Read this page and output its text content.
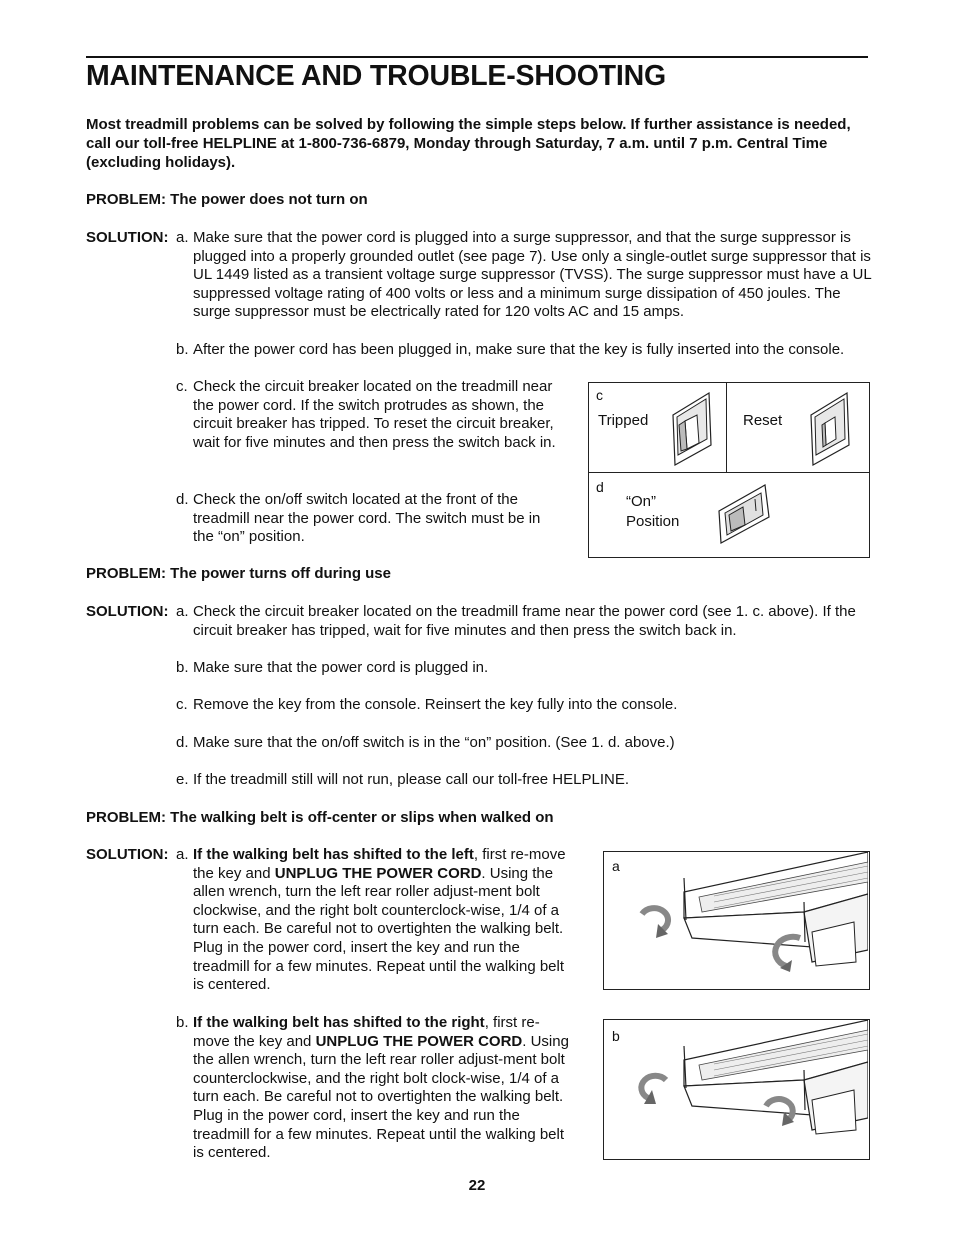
MAINTENANCE AND TROUBLE-SHOOTING
Most treadmill problems can be solved by following the simple steps below. If further assistance is needed, call our toll-free HELPLINE at 1-800-736-6879, Monday through Saturday, 7 a.m. until 7 p.m. Central Time (excluding holidays).
PROBLEM: The power does not turn on
SOLUTION: a. Make sure that the power cord is plugged into a surge suppressor, and that the surge suppressor is plugged into a properly grounded outlet (see page 7). Use only a single-outlet surge suppressor that is UL 1449 listed as a transient voltage surge suppressor (TVSS). The surge suppressor must have a UL suppressed voltage rating of 400 volts or less and a minimum surge dissipation of 450 joules. The surge suppressor must be electrically rated for 120 volts AC and 15 amps.
b. After the power cord has been plugged in, make sure that the key is fully inserted into the console.
c. Check the circuit breaker located on the treadmill near the power cord. If the switch protrudes as shown, the circuit breaker has tripped. To reset the circuit breaker, wait for five minutes and then press the switch back in.
d. Check the on/off switch located at the front of the treadmill near the power cord. The switch must be in the “on” position.
c
Tripped	Reset
d
“On”
Position
PROBLEM: The power turns off during use
SOLUTION: a. Check the circuit breaker located on the treadmill frame near the power cord (see 1. c. above). If the circuit breaker has tripped, wait for five minutes and then press the switch back in.
b. Make sure that the power cord is plugged in.
c. Remove the key from the console. Reinsert the key fully into the console.
d. Make sure that the on/off switch is in the “on” position. (See 1. d. above.)
e. If the treadmill still will not run, please call our toll-free HELPLINE.
PROBLEM: The walking belt is off-center or slips when walked on
SOLUTION: a. If the walking belt has shifted to the left, first re-move the key and UNPLUG THE POWER CORD. Using the allen wrench, turn the left rear roller adjust-ment bolt clockwise, and the right bolt counterclock-wise, 1/4 of a turn each. Be careful not to overtighten the walking belt. Plug in the power cord, insert the key and run the treadmill for a few minutes. Repeat until the walking belt is centered.
b. If the walking belt has shifted to the right, first re-move the key and UNPLUG THE POWER CORD. Using the allen wrench, turn the left rear roller adjust-ment bolt counterclockwise, and the right bolt clock-wise, 1/4 of a turn each. Be careful not to overtighten the walking belt. Plug in the power cord, insert the key and run the treadmill for a few minutes. Repeat until the walking belt is centered.
a
b
22
